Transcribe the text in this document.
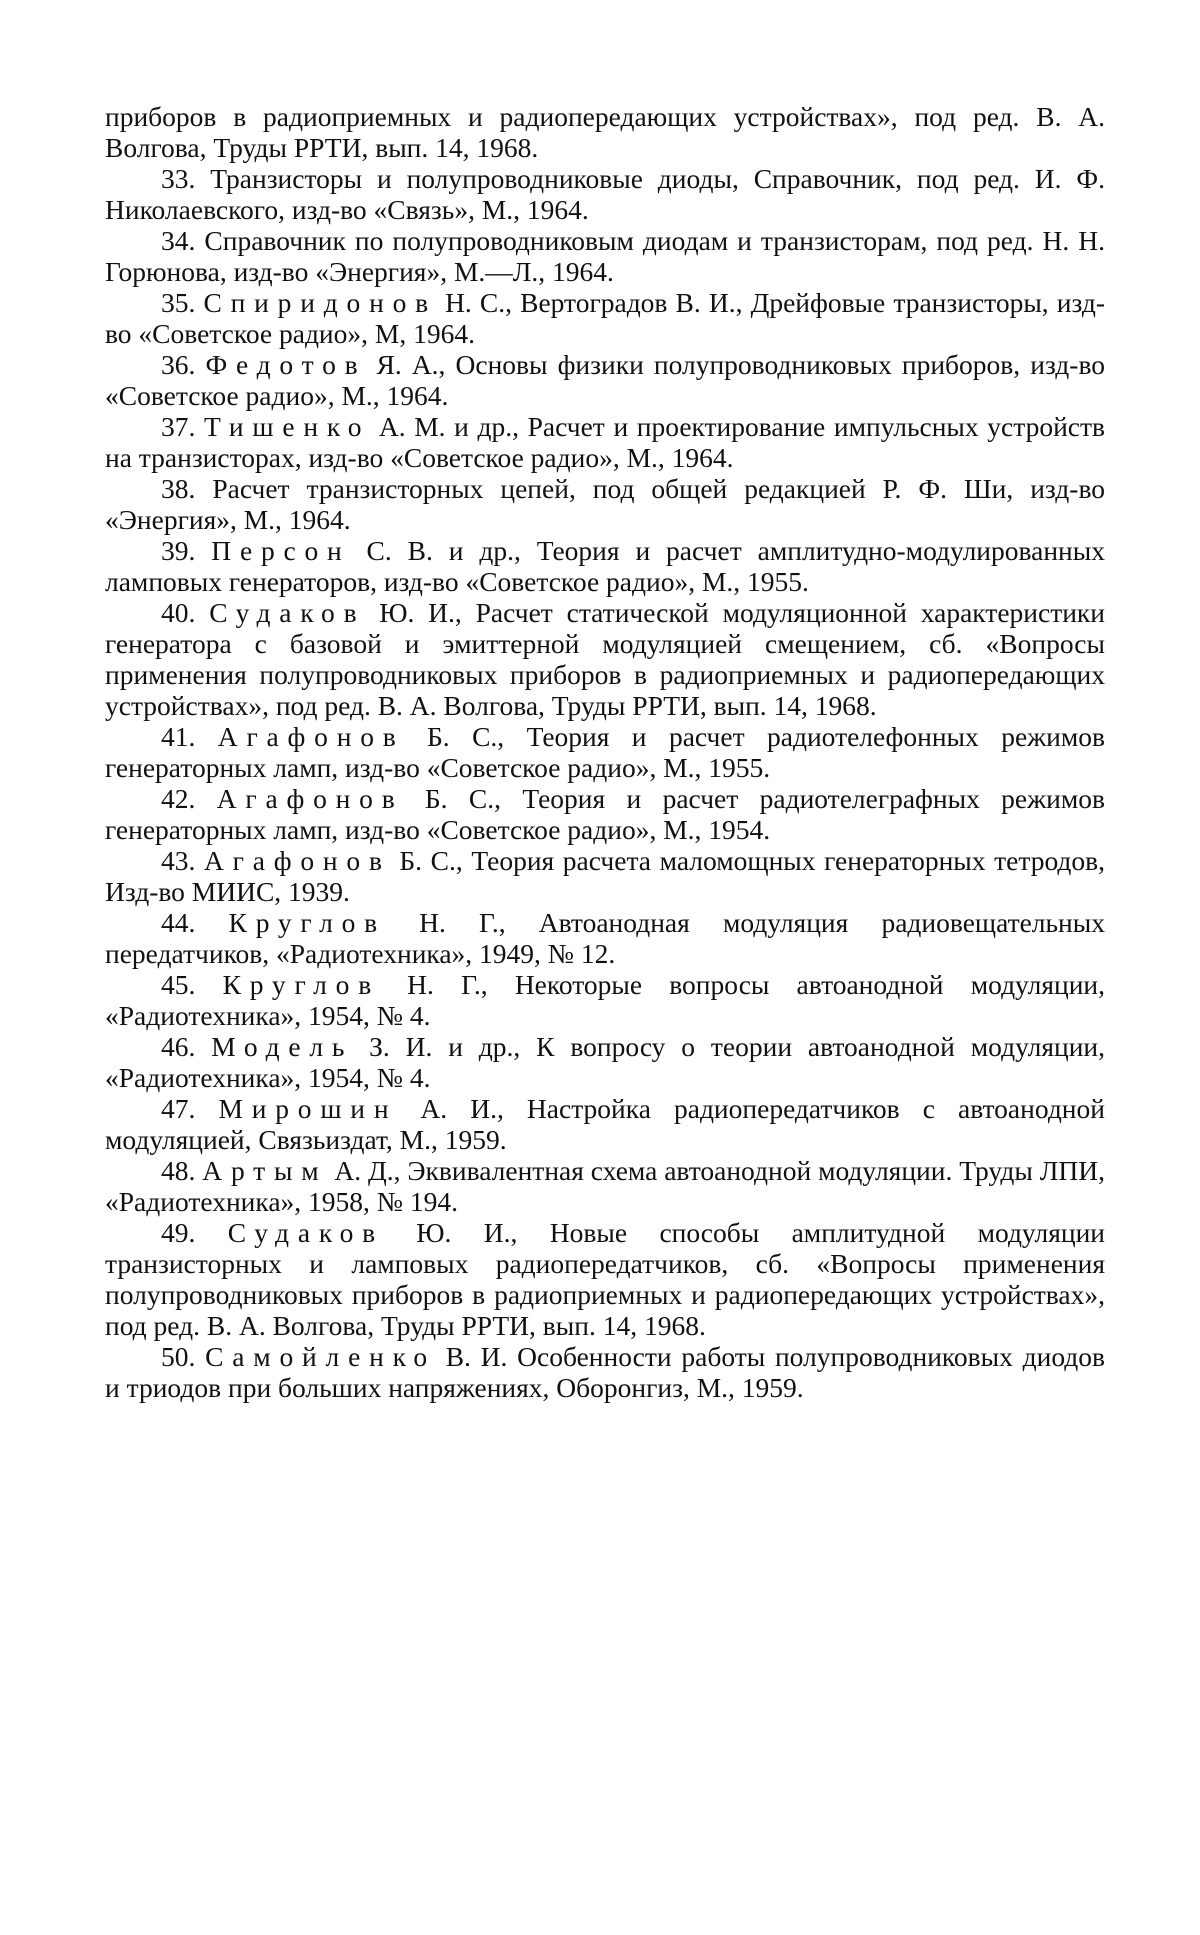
приборов в радиоприемных и радиопередающих устройствах», под ред. В. А. Волгова, Труды РРТИ, вып. 14, 1968.

33. Транзисторы и полупроводниковые диоды, Справочник, под ред. И. Ф. Николаевского, изд-во «Связь», М., 1964.

34. Справочник по полупроводниковым диодам и транзисторам, под ред. Н. Н. Горюнова, изд-во «Энергия», М.—Л., 1964.

35. Спиридонов Н. С., Вертоградов В. И., Дрейфовые транзисторы, изд-во «Советское радио», М, 1964.

36. Федотов Я. А., Основы физики полупроводниковых приборов, изд-во «Советское радио», М., 1964.

37. Тишенко А. М. и др., Расчет и проектирование импульсных устройств на транзисторах, изд-во «Советское радио», М., 1964.

38. Расчет транзисторных цепей, под общей редакцией Р. Ф. Ши, изд-во «Энергия», М., 1964.

39. Персон С. В. и др., Теория и расчет амплитудно-модулированных ламповых генераторов, изд-во «Советское радио», М., 1955.

40. Судаков Ю. И., Расчет статической модуляционной характеристики генератора с базовой и эмиттерной модуляцией смещением, сб. «Вопросы применения полупроводниковых приборов в радиоприемных и радиопередающих устройствах», под ред. В. А. Волгова, Труды РРТИ, вып. 14, 1968.

41. Агафонов Б. С., Теория и расчет радиотелефонных режимов генераторных ламп, изд-во «Советское радио», М., 1955.

42. Агафонов Б. С., Теория и расчет радиотелеграфных режимов генераторных ламп, изд-во «Советское радио», М., 1954.

43. Агафонов Б. С., Теория расчета маломощных генераторных тетродов, Изд-во МИИС, 1939.

44. Круглов Н. Г., Автоанодная модуляция радиовещательных передатчиков, «Радиотехника», 1949, № 12.

45. Круглов Н. Г., Некоторые вопросы автоанодной модуляции, «Радиотехника», 1954, № 4.

46. Модель З. И. и др., К вопросу о теории автоанодной модуляции, «Радиотехника», 1954, № 4.

47. Мирошин А. И., Настройка радиопередатчиков с автоанодной модуляцией, Связьиздат, М., 1959.

48. Артым А. Д., Эквивалентная схема автоанодной модуляции. Труды ЛПИ, «Радиотехника», 1958, № 194.

49. Судаков Ю. И., Новые способы амплитудной модуляции транзисторных и ламповых радиопередатчиков, сб. «Вопросы применения полупроводниковых приборов в радиоприемных и радиопередающих устройствах», под ред. В. А. Волгова, Труды РРТИ, вып. 14, 1968.

50. Самойленко В. И. Особенности работы полупроводниковых диодов и триодов при больших напряжениях, Оборонгиз, М., 1959.
